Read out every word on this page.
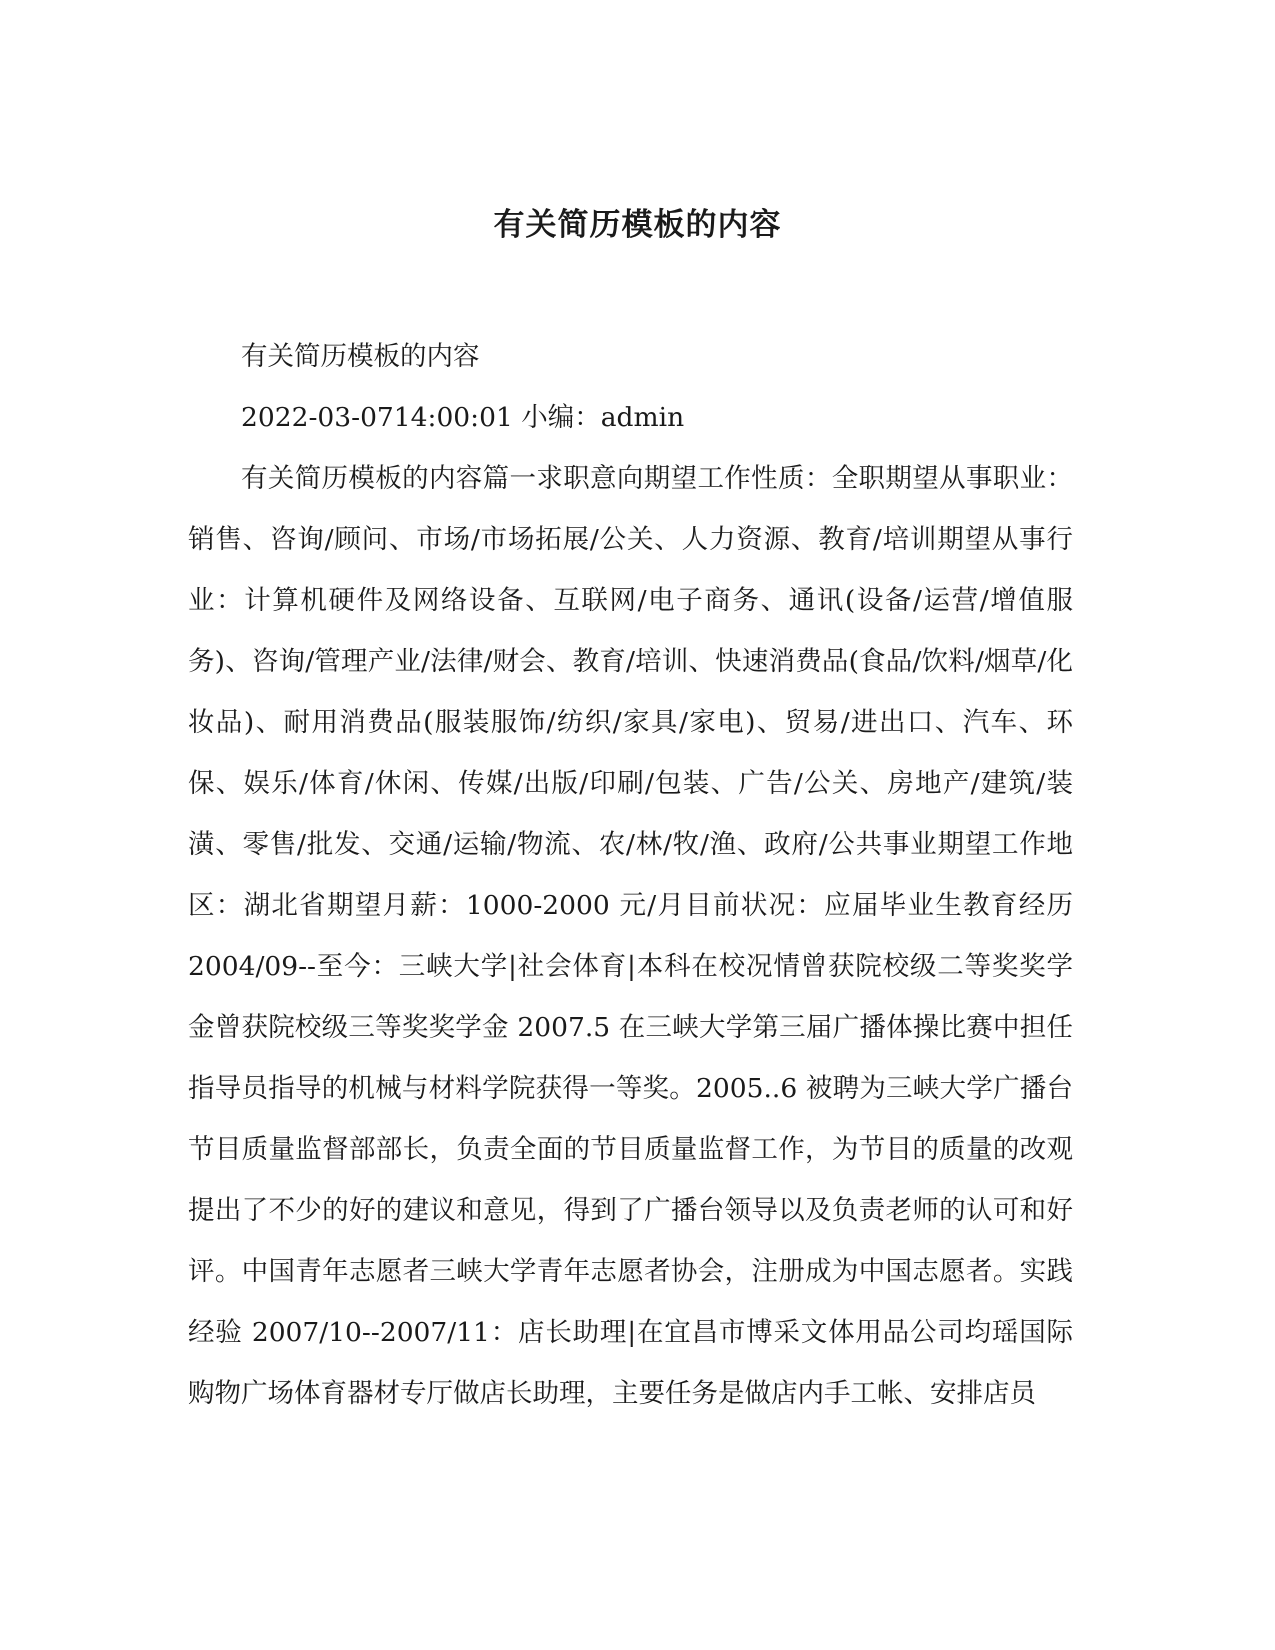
有关简历模板的内容

有关简历模板的内容

2022-03-0714:00:01 小编：admin

有关简历模板的内容篇一求职意向期望工作性质：全职期望从事职业：销售、咨询/顾问、市场/市场拓展/公关、人力资源、教育/培训期望从事行业：计算机硬件及网络设备、互联网/电子商务、通讯(设备/运营/增值服务)、咨询/管理产业/法律/财会、教育/培训、快速消费品(食品/饮料/烟草/化妆品)、耐用消费品(服装服饰/纺织/家具/家电)、贸易/进出口、汽车、环保、娱乐/体育/休闲、传媒/出版/印刷/包装、广告/公关、房地产/建筑/装潢、零售/批发、交通/运输/物流、农/林/牧/渔、政府/公共事业期望工作地区：湖北省期望月薪：1000-2000 元/月目前状况：应届毕业生教育经历 2004/09--至今：三峡大学|社会体育|本科在校况情曾获院校级二等奖奖学金曾获院校级三等奖奖学金 2007.5 在三峡大学第三届广播体操比赛中担任指导员指导的机械与材料学院获得一等奖。2005..6 被聘为三峡大学广播台节目质量监督部部长，负责全面的节目质量监督工作，为节目的质量的改观提出了不少的好的建议和意见，得到了广播台领导以及负责老师的认可和好评。中国青年志愿者三峡大学青年志愿者协会，注册成为中国志愿者。实践经验 2007/10--2007/11：店长助理|在宜昌市博采文体用品公司均瑶国际购物广场体育器材专厅做店长助理，主要任务是做店内手工帐、安排店员
